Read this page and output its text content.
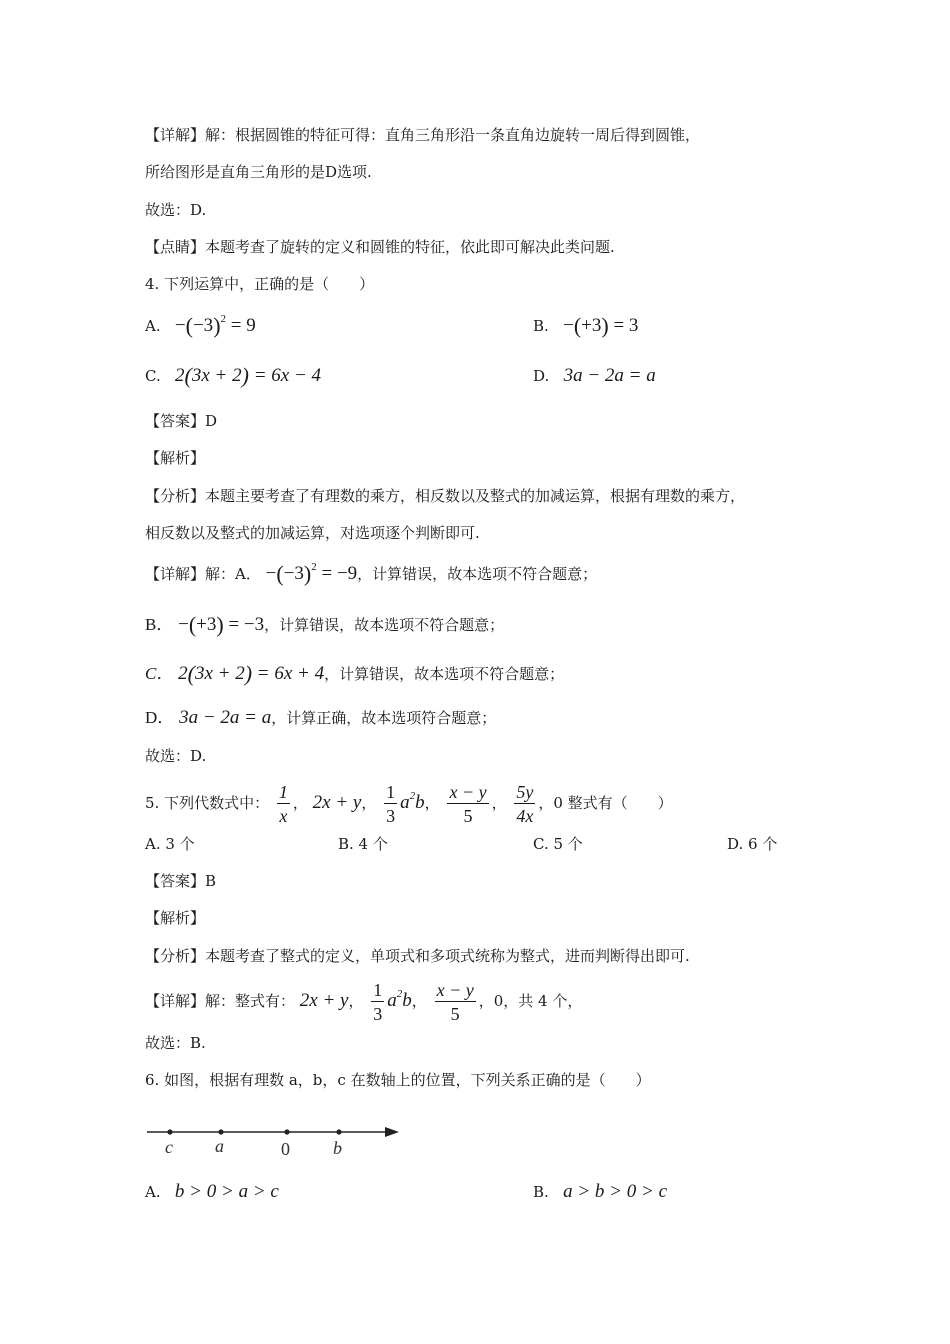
【详解】解：根据圆锥的特征可得：直角三角形沿一条直角边旋转一周后得到圆锥，
所给图形是直角三角形的是D选项.
故选：D.
【点睛】本题考查了旋转的定义和圆锥的特征，依此即可解决此类问题.
4. 下列运算中，正确的是（　　）
A. $-(-3)^2 = 9$	B. −(+3) = 3
C. 2(3x + 2) = 6x − 4	D. 3a − 2a = a
【答案】D
【解析】
【分析】本题主要考查了有理数的乘方，相反数以及整式的加减运算，根据有理数的乘方，
相反数以及整式的加减运算，对选项逐个判断即可.
【详解】解：A． $-(-3)^2 = -9$，计算错误，故本选项不符合题意；
B． −(+3) = −3，计算错误，故本选项不符合题意；
C． 2(3x + 2) = 6x + 4，计算错误，故本选项不符合题意；
D． 3a − 2a = a，计算正确，故本选项符合题意；
故选：D.
5. 下列代数式中： $\frac{1}{x}$ ， 2x + y， $\frac{1}{3} a^2b$， $\frac{x - y}{5}$ ， $\frac{5y}{4x}$ ，0 整式有（　　）
A. 3 个	B. 4 个	C. 5 个	D. 6 个
【答案】B
【解析】
【分析】本题考查了整式的定义，单项式和多项式统称为整式，进而判断得出即可.
【详解】解：整式有： 2x + y， $\frac{1}{3} a^2b$， $\frac{x - y}{5}$ ，0，共 4 个，
故选：B.
6. 如图，根据有理数 a，b，c 在数轴上的位置，下列关系正确的是（　　）
c a	0 b
A. b > 0 > a > c	B. a > b > 0 > c
